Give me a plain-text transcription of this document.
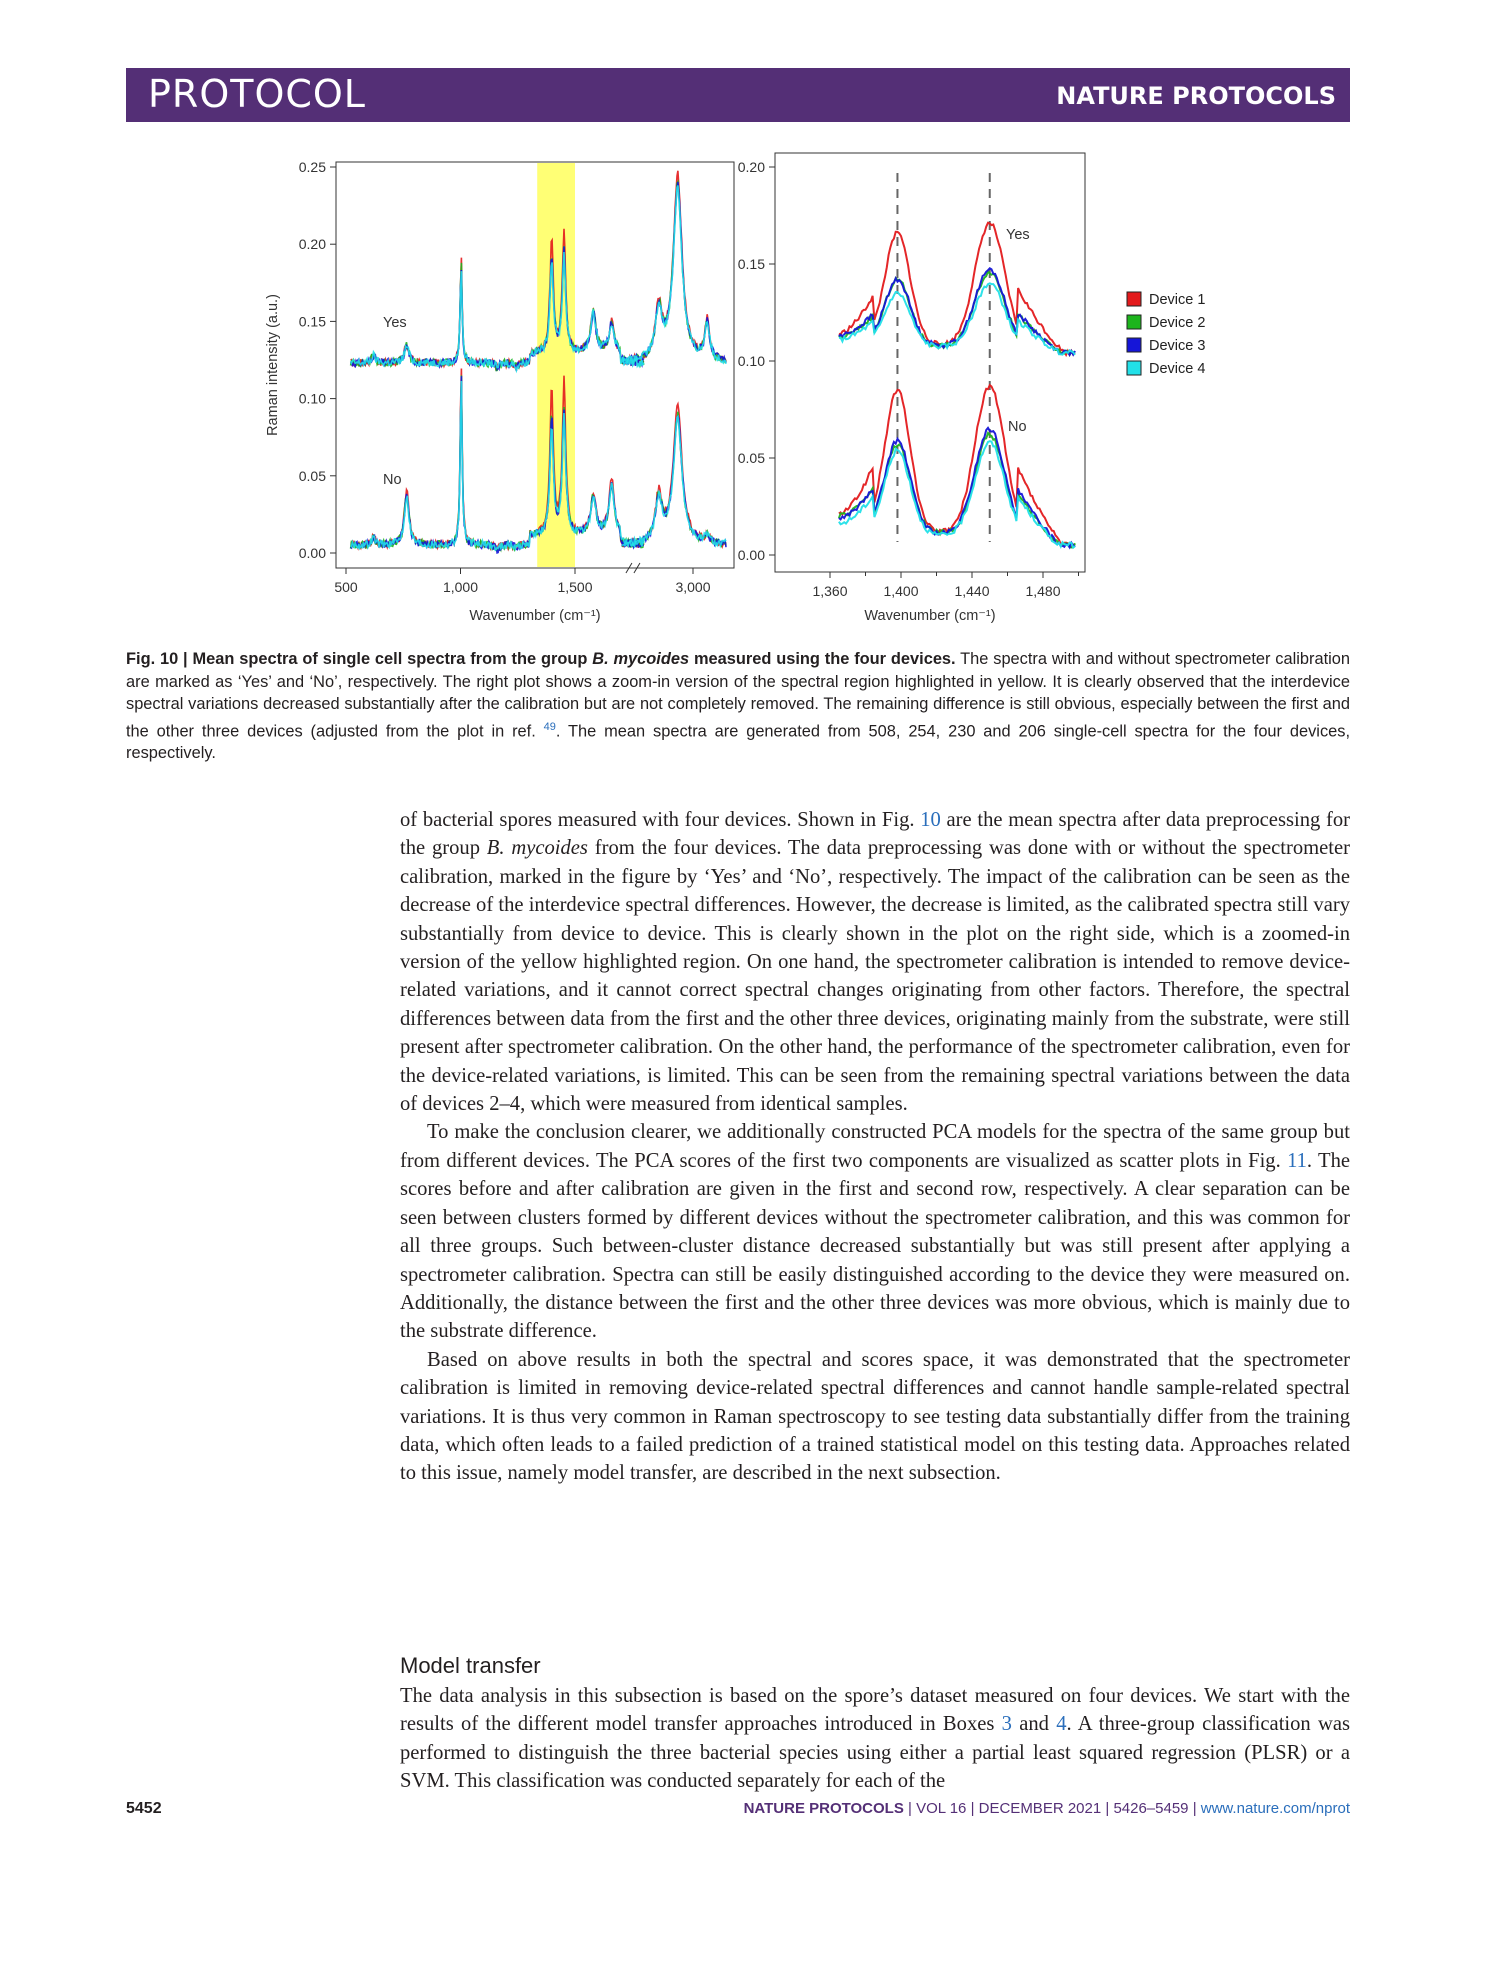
PROTOCOL	NATURE PROTOCOLS
0.00
0.05
0.10
0.15
0.20
0.25
500	1,000	1,500	3,000
Wavenumber (cm⁻¹)
Raman intensity (a.u.)	Yes
No
0.00
0.05
0.10
0.15
0.20
1,360	1,400	1,440	1,480
Wavenumber (cm⁻¹)
Yes
No
Device 1
Device 2
Device 3
Device 4
Fig. 10 | Mean spectra of single cell spectra from the group B. mycoides measured using the four devices. The spectra with and without spectrometer calibration are marked as ‘Yes’ and ‘No’, respectively. The right plot shows a zoom-in version of the spectral region highlighted in yellow. It is clearly observed that the interdevice spectral variations decreased substantially after the calibration but are not completely removed. The remaining difference is still obvious, especially between the first and the other three devices (adjusted from the plot in ref. $^{49}$. The mean spectra are generated from 508, 254, 230 and 206 single-cell spectra for the four devices, respectively.

of bacterial spores measured with four devices. Shown in Fig. 10 are the mean spectra after data preprocessing for the group B. mycoides from the four devices. The data preprocessing was done with or without the spectrometer calibration, marked in the figure by ‘Yes’ and ‘No’, respectively. The impact of the calibration can be seen as the decrease of the interdevice spectral differences. However, the decrease is limited, as the calibrated spectra still vary substantially from device to device. This is clearly shown in the plot on the right side, which is a zoomed-in version of the yellow highlighted region. On one hand, the spectrometer calibration is intended to remove device-related variations, and it cannot correct spectral changes originating from other factors. Therefore, the spectral differences between data from the first and the other three devices, originating mainly from the substrate, were still present after spectrometer calibration. On the other hand, the performance of the spectrometer calibration, even for the device-related variations, is limited. This can be seen from the remaining spectral variations between the data of devices 2–4, which were measured from identical samples.

To make the conclusion clearer, we additionally constructed PCA models for the spectra of the same group but from different devices. The PCA scores of the first two components are visualized as scatter plots in Fig. 11. The scores before and after calibration are given in the first and second row, respectively. A clear separation can be seen between clusters formed by different devices without the spectrometer calibration, and this was common for all three groups. Such between-cluster distance decreased substantially but was still present after applying a spectrometer calibration. Spectra can still be easily distinguished according to the device they were measured on. Additionally, the distance between the first and the other three devices was more obvious, which is mainly due to the substrate difference.

Based on above results in both the spectral and scores space, it was demonstrated that the spectrometer calibration is limited in removing device-related spectral differences and cannot handle sample-related spectral variations. It is thus very common in Raman spectroscopy to see testing data substantially differ from the training data, which often leads to a failed prediction of a trained statistical model on this testing data. Approaches related to this issue, namely model transfer, are described in the next subsection.

Model transfer

The data analysis in this subsection is based on the spore’s dataset measured on four devices. We start with the results of the different model transfer approaches introduced in Boxes 3 and 4. A three-group classification was performed to distinguish the three bacterial species using either a partial least squared regression (PLSR) or a SVM. This classification was conducted separately for each of the

5452	NATURE PROTOCOLS | VOL 16 | DECEMBER 2021 | 5426–5459 | www.nature.com/nprot
